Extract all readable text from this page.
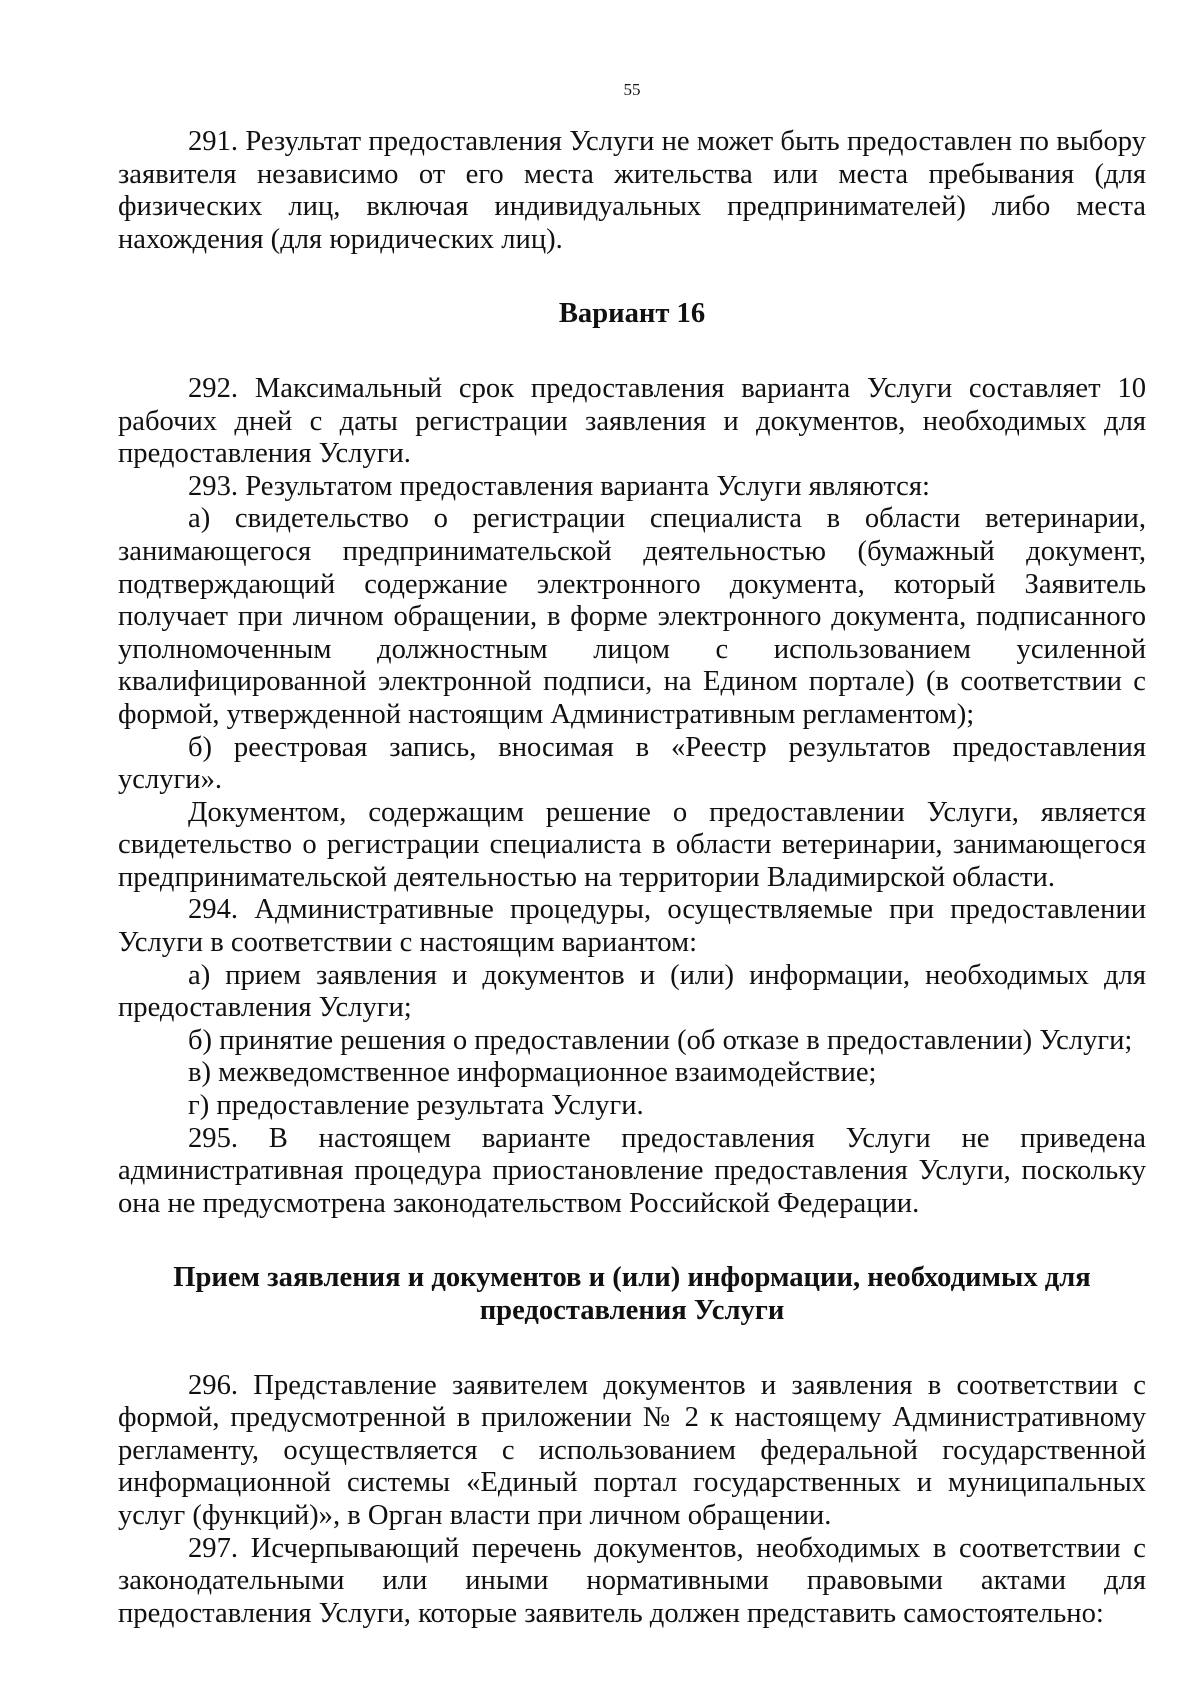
55

291. Результат предоставления Услуги не может быть предоставлен по выбору заявителя независимо от его места жительства или места пребывания (для физических лиц, включая индивидуальных предпринимателей) либо места нахождения (для юридических лиц).

Вариант 16

292. Максимальный срок предоставления варианта Услуги составляет 10 рабочих дней с даты регистрации заявления и документов, необходимых для предоставления Услуги.

293. Результатом предоставления варианта Услуги являются:

а) свидетельство о регистрации специалиста в области ветеринарии, занимающегося предпринимательской деятельностью (бумажный документ, подтверждающий содержание электронного документа, который Заявитель получает при личном обращении, в форме электронного документа, подписанного уполномоченным должностным лицом с использованием усиленной квалифицированной электронной подписи, на Едином портале) (в соответствии с формой, утвержденной настоящим Административным регламентом);

б) реестровая запись, вносимая в «Реестр результатов предоставления услуги».

Документом, содержащим решение о предоставлении Услуги, является свидетельство о регистрации специалиста в области ветеринарии, занимающегося предпринимательской деятельностью на территории Владимирской области.

294. Административные процедуры, осуществляемые при предоставлении Услуги в соответствии с настоящим вариантом:

а) прием заявления и документов и (или) информации, необходимых для предоставления Услуги;

б) принятие решения о предоставлении (об отказе в предоставлении) Услуги;

в) межведомственное информационное взаимодействие;

г) предоставление результата Услуги.

295. В настоящем варианте предоставления Услуги не приведена административная процедура приостановление предоставления Услуги, поскольку она не предусмотрена законодательством Российской Федерации.

Прием заявления и документов и (или) информации, необходимых для предоставления Услуги

296. Представление заявителем документов и заявления в соответствии с формой, предусмотренной в приложении № 2 к настоящему Административному регламенту, осуществляется с использованием федеральной государственной информационной системы «Единый портал государственных и муниципальных услуг (функций)», в Орган власти при личном обращении.

297. Исчерпывающий перечень документов, необходимых в соответствии с законодательными или иными нормативными правовыми актами для предоставления Услуги, которые заявитель должен представить самостоятельно:
